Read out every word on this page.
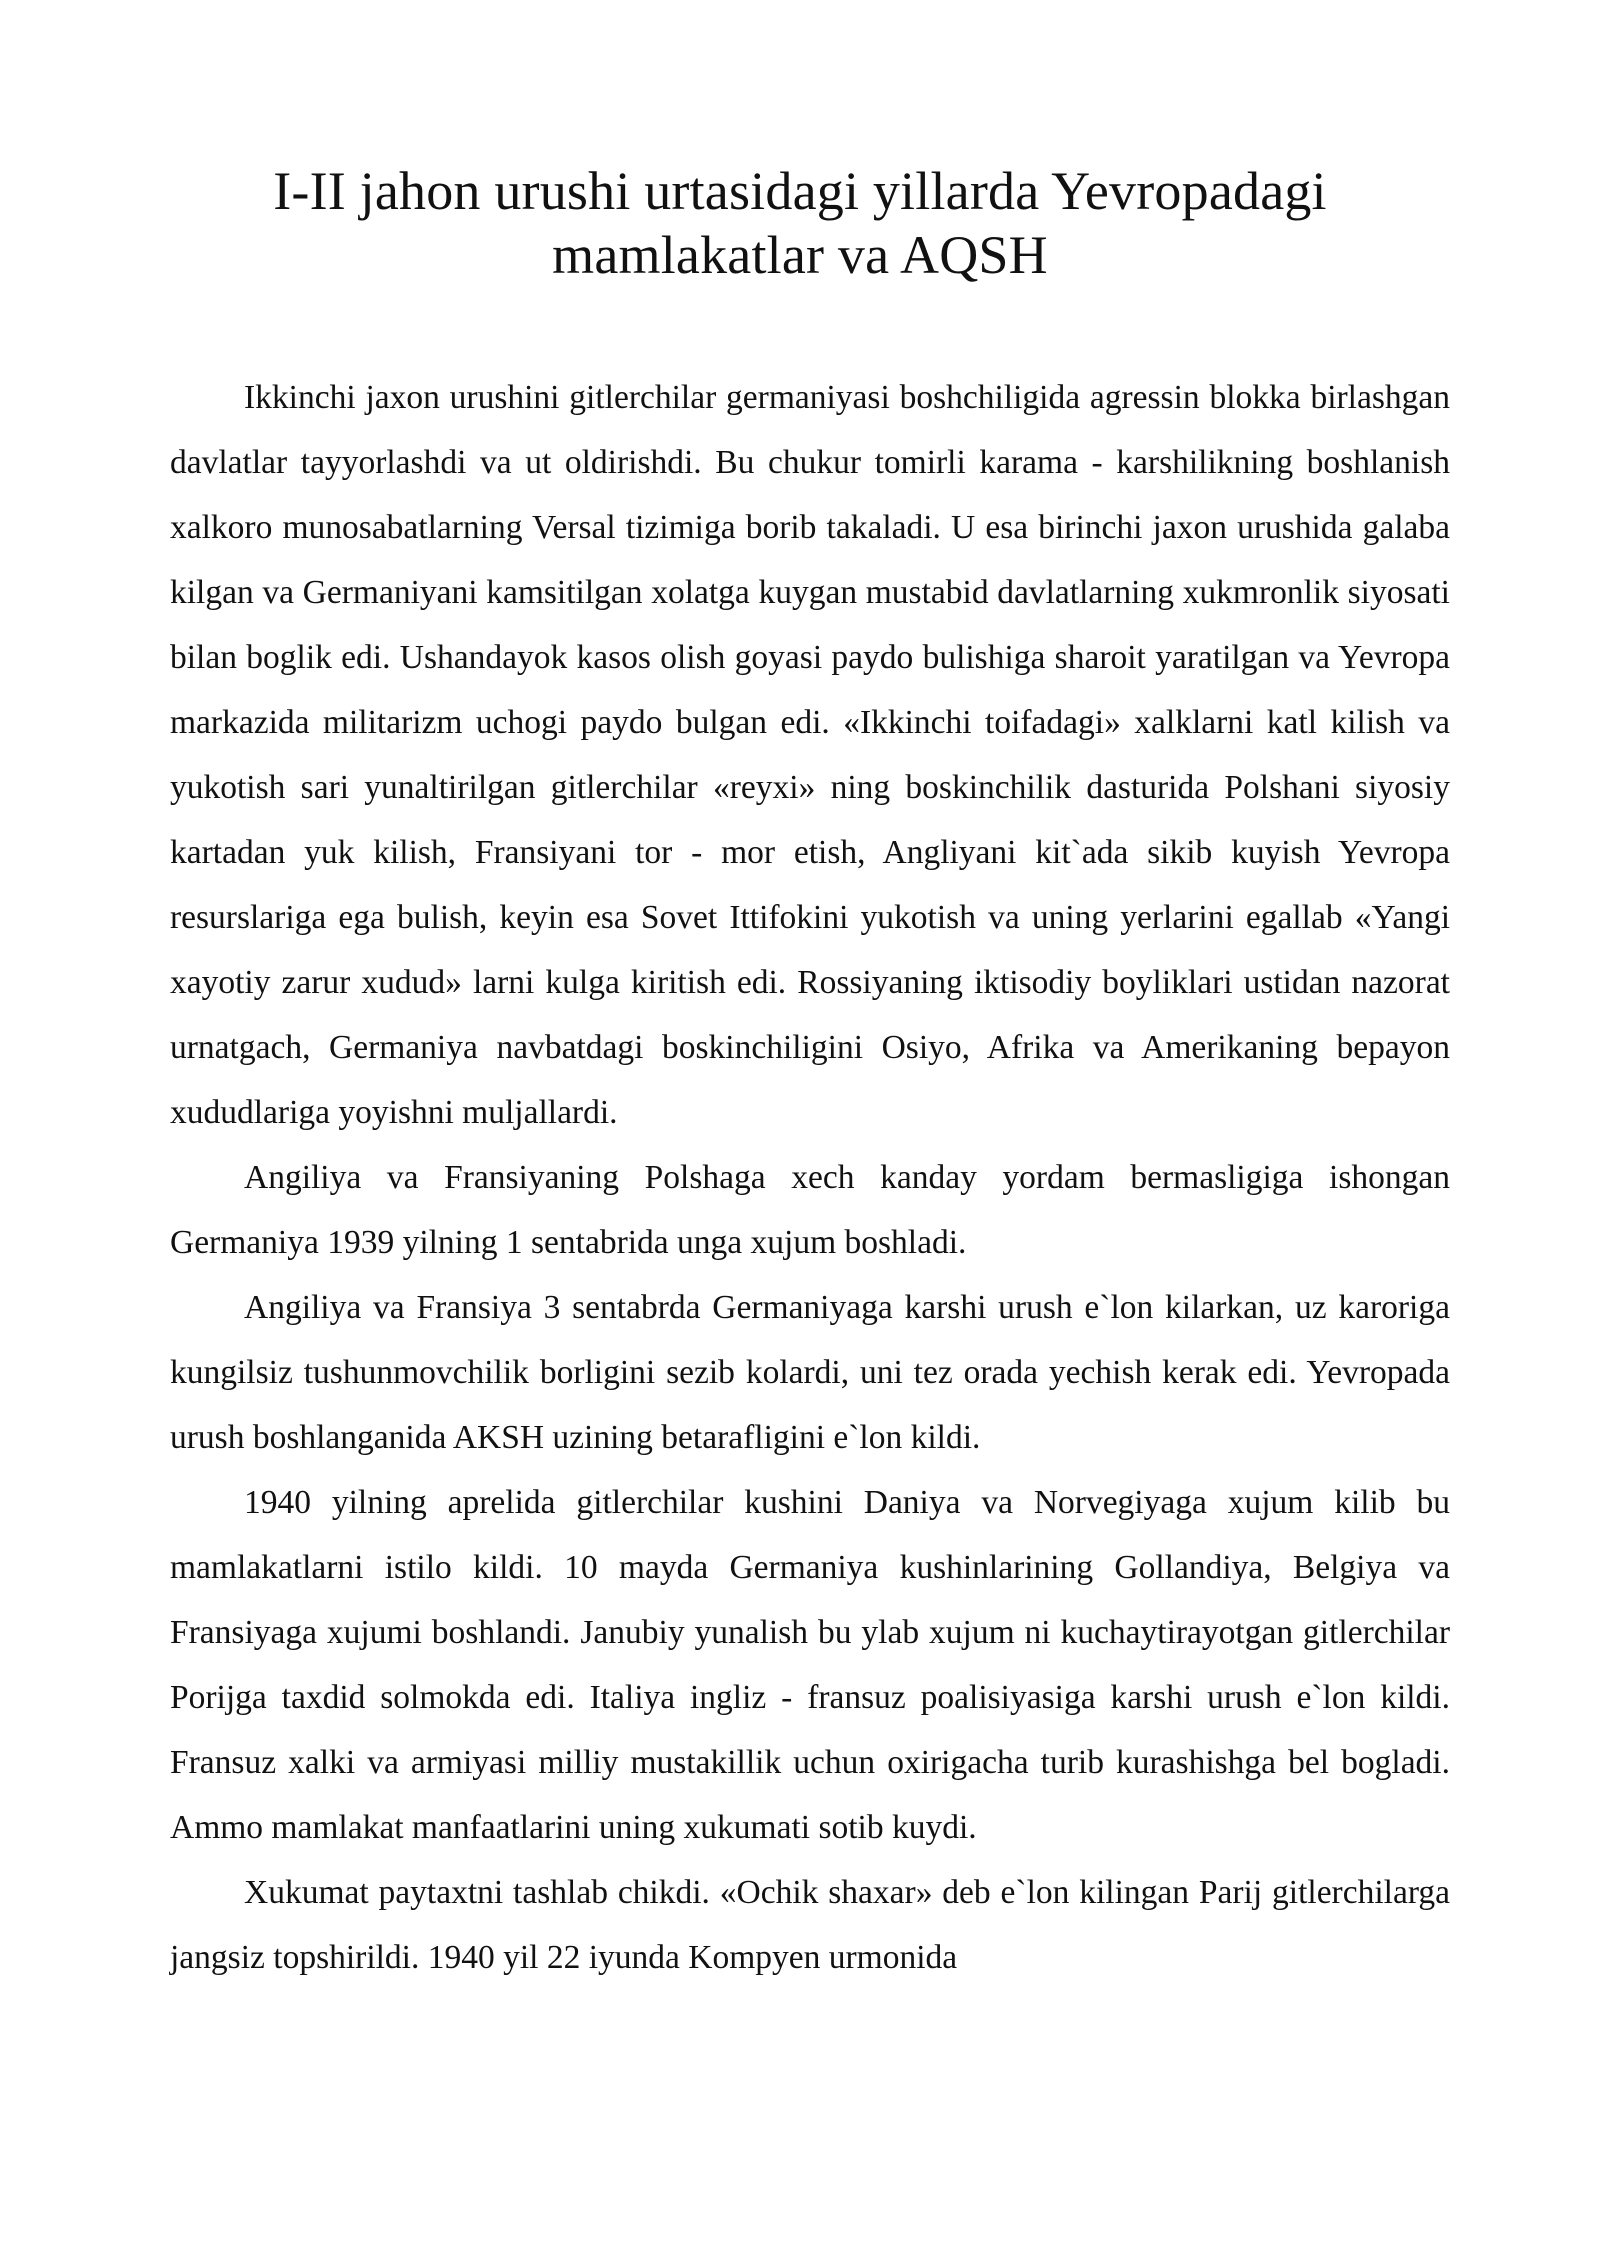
I-II jahon urushi urtasidagi yillarda Yevropadagi
mamlakatlar va AQSH

Ikkinchi jaxon urushini gitlerchilar germaniyasi boshchiligida agressin blokka birlashgan davlatlar tayyorlashdi va ut oldirishdi. Bu chukur tomirli karama - karshilikning boshlanish xalkoro munosabatlarning Versal tizimiga borib takaladi. U esa birinchi jaxon urushida galaba kilgan va Germaniyani kamsitilgan xolatga kuygan mustabid davlatlarning xukmronlik siyosati bilan boglik edi. Ushandayok kasos olish goyasi paydo bulishiga sharoit yaratilgan va Yevropa markazida militarizm uchogi paydo bulgan edi. «Ikkinchi toifadagi» xalklarni katl kilish va yukotish sari yunaltirilgan gitlerchilar «reyxi» ning boskinchilik dasturida Polshani siyosiy kartadan yuk kilish, Fransiyani tor - mor etish, Angliyani kit`ada sikib kuyish Yevropa resurslariga ega bulish, keyin esa Sovet Ittifokini yukotish va uning yerlarini egallab «Yangi xayotiy zarur xudud» larni kulga kiritish edi. Rossiyaning iktisodiy boyliklari ustidan nazorat urnatgach, Germaniya navbatdagi boskinchiligini Osiyo, Afrika va Amerikaning bepayon xududlariga yoyishni muljallardi.

Angiliya va Fransiyaning Polshaga xech kanday yordam bermasligiga ishongan Germaniya 1939 yilning 1 sentabrida unga xujum boshladi.

Angiliya va Fransiya 3 sentabrda Germaniyaga karshi urush e`lon kilarkan, uz karoriga kungilsiz tushunmovchilik borligini sezib kolardi, uni tez orada yechish kerak edi. Yevropada urush boshlanganida AKSH uzining betarafligini e`lon kildi.

1940 yilning aprelida gitlerchilar kushini Daniya va Norvegiyaga xujum kilib bu mamlakatlarni istilo kildi. 10 mayda Germaniya kushinlarining Gollandiya, Belgiya va Fransiyaga xujumi boshlandi. Janubiy yunalish bu ylab xujum ni kuchaytirayotgan gitlerchilar Porijga taxdid solmokda edi. Italiya ingliz - fransuz poalisiyasiga karshi urush e`lon kildi. Fransuz xalki va armiyasi milliy mustakillik uchun oxirigacha turib kurashishga bel bogladi. Ammo mamlakat manfaatlarini uning xukumati sotib kuydi.

Xukumat paytaxtni tashlab chikdi. «Ochik shaxar» deb e`lon kilingan Parij gitlerchilarga jangsiz topshirildi. 1940 yil 22 iyunda Kompyen urmonida
